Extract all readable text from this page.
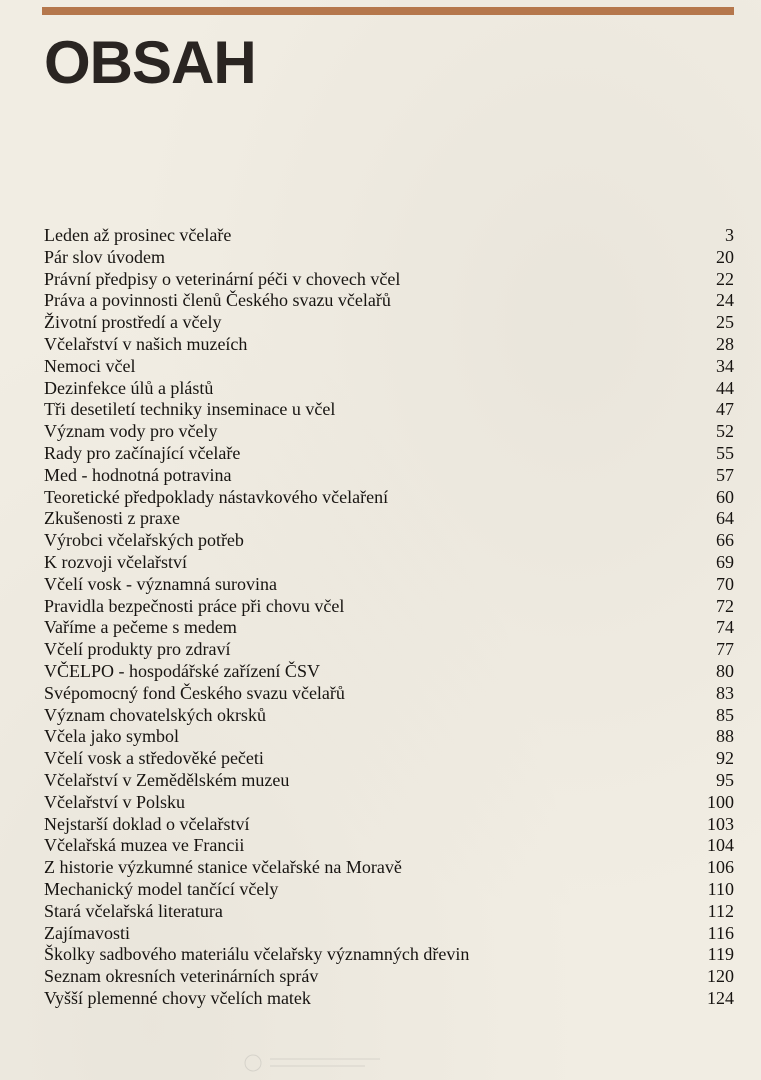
OBSAH
Leden až prosinec včelaře	3
Pár slov úvodem	20
Právní předpisy o veterinární péči v chovech včel	22
Práva a povinnosti členů Českého svazu včelařů	24
Životní prostředí a včely	25
Včelařství v našich muzeích	28
Nemoci včel	34
Dezinfekce úlů a plástů	44
Tři desetiletí techniky inseminace u včel	47
Význam vody pro včely	52
Rady pro začínající včelaře	55
Med - hodnotná potravina	57
Teoretické předpoklady nástavkového včelaření	60
Zkušenosti z praxe	64
Výrobci včelařských potřeb	66
K rozvoji včelařství	69
Včelí vosk - významná surovina	70
Pravidla bezpečnosti práce při chovu včel	72
Vaříme a pečeme s medem	74
Včelí produkty pro zdraví	77
VČELPO - hospodářské zařízení ČSV	80
Svépomocný fond Českého svazu včelařů	83
Význam chovatelských okrsků	85
Včela jako symbol	88
Včelí vosk a středověké pečeti	92
Včelařství v Zemědělském muzeu	95
Včelařství v Polsku	100
Nejstarší doklad o včelařství	103
Včelařská muzea ve Francii	104
Z historie výzkumné stanice včelařské na Moravě	106
Mechanický model tančící včely	110
Stará včelařská literatura	112
Zajímavosti	116
Školky sadbového materiálu včelařsky významných dřevin	119
Seznam okresních veterinárních správ	120
Vyšší plemenné chovy včelích matek	124
